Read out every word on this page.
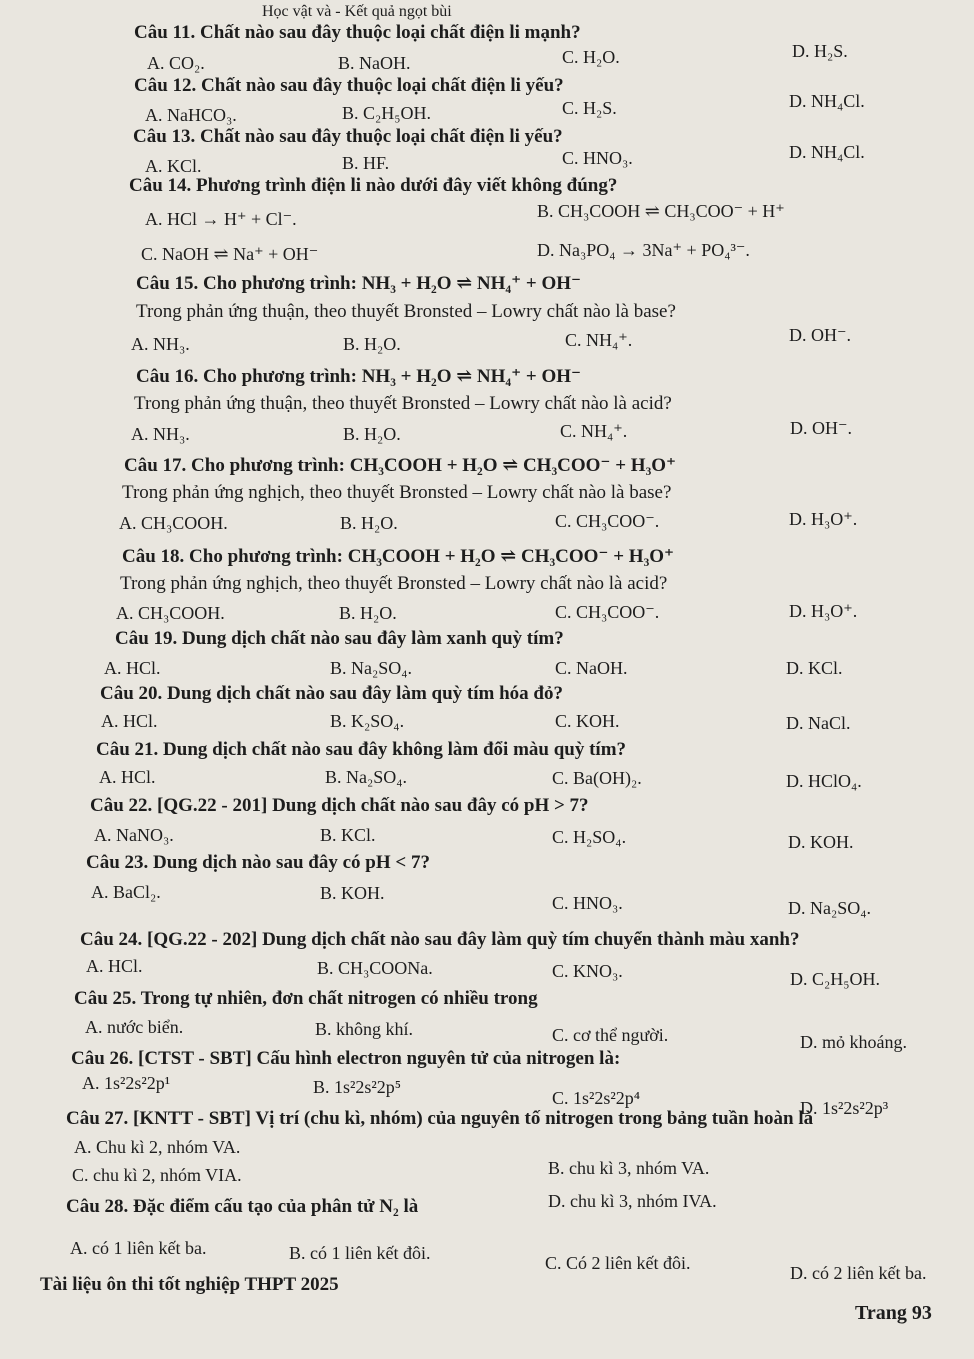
Học vật và - Kết quả ngọt bùi
Câu 11. Chất nào sau đây thuộc loại chất điện li mạnh?
A. CO₂.	B. NaOH.	C. H₂O.	D. H₂S.
Câu 12. Chất nào sau đây thuộc loại chất điện li yếu?
A. NaHCO₃.	B. C₂H₅OH.	C. H₂S.	D. NH₄Cl.
Câu 13. Chất nào sau đây thuộc loại chất điện li yếu?
A. KCl.	B. HF.	C. HNO₃.	D. NH₄Cl.
Câu 14. Phương trình điện li nào dưới đây viết không đúng?
A. HCl → H⁺ + Cl⁻.	B. CH₃COOH ⇌ CH₃COO⁻ + H⁺
C. NaOH ⇌ Na⁺ + OH⁻	D. Na₃PO₄ → 3Na⁺ + PO₄³⁻.
Câu 15. Cho phương trình: NH₃ + H₂O ⇌ NH₄⁺ + OH⁻
Trong phản ứng thuận, theo thuyết Bronsted – Lowry chất nào là base?
A. NH₃.	B. H₂O.	C. NH₄⁺.	D. OH⁻.
Câu 16. Cho phương trình: NH₃ + H₂O ⇌ NH₄⁺ + OH⁻
Trong phản ứng thuận, theo thuyết Bronsted – Lowry chất nào là acid?
A. NH₃.	B. H₂O.	C. NH₄⁺.	D. OH⁻.
Câu 17. Cho phương trình: CH₃COOH + H₂O ⇌ CH₃COO⁻ + H₃O⁺
Trong phản ứng nghịch, theo thuyết Bronsted – Lowry chất nào là base?
A. CH₃COOH.	B. H₂O.	C. CH₃COO⁻.	D. H₃O⁺.
Câu 18. Cho phương trình: CH₃COOH + H₂O ⇌ CH₃COO⁻ + H₃O⁺
Trong phản ứng nghịch, theo thuyết Bronsted – Lowry chất nào là acid?
A. CH₃COOH.	B. H₂O.	C. CH₃COO⁻.	D. H₃O⁺.
Câu 19. Dung dịch chất nào sau đây làm xanh quỳ tím?
A. HCl.	B. Na₂SO₄.	C. NaOH.	D. KCl.
Câu 20. Dung dịch chất nào sau đây làm quỳ tím hóa đỏ?
A. HCl.	B. K₂SO₄.	C. KOH.	D. NaCl.
Câu 21. Dung dịch chất nào sau đây không làm đổi màu quỳ tím?
A. HCl.	B. Na₂SO₄.	C. Ba(OH)₂.	D. HClO₄.
Câu 22. [QG.22 - 201] Dung dịch chất nào sau đây có pH > 7?
A. NaNO₃.	B. KCl.	C. H₂SO₄.	D. KOH.
Câu 23. Dung dịch nào sau đây có pH < 7?
A. BaCl₂.	B. KOH.	C. HNO₃.	D. Na₂SO₄.
Câu 24. [QG.22 - 202] Dung dịch chất nào sau đây làm quỳ tím chuyển thành màu xanh?
A. HCl.	B. CH₃COONa.	C. KNO₃.	D. C₂H₅OH.
Câu 25. Trong tự nhiên, đơn chất nitrogen có nhiều trong
A. nước biển.	B. không khí.	C. cơ thể người.	D. mỏ khoáng.
Câu 26. [CTST - SBT] Cấu hình electron nguyên tử của nitrogen là:
A. 1s²2s²2p¹	B. 1s²2s²2p⁵
C. 1s²2s²2p⁴	D. 1s²2s²2p³
Câu 27. [KNTT - SBT] Vị trí (chu kì, nhóm) của nguyên tố nitrogen trong bảng tuần hoàn là
A. Chu kì 2, nhóm VA.
B. chu kì 3, nhóm VA.
C. chu kì 2, nhóm VIA.
D. chu kì 3, nhóm IVA.
Câu 28. Đặc điểm cấu tạo của phân tử N₂ là
A. có 1 liên kết ba.	B. có 1 liên kết đôi.	C. Có 2 liên kết đôi.	D. có 2 liên kết ba.
Tài liệu ôn thi tốt nghiệp THPT 2025
Trang 93
